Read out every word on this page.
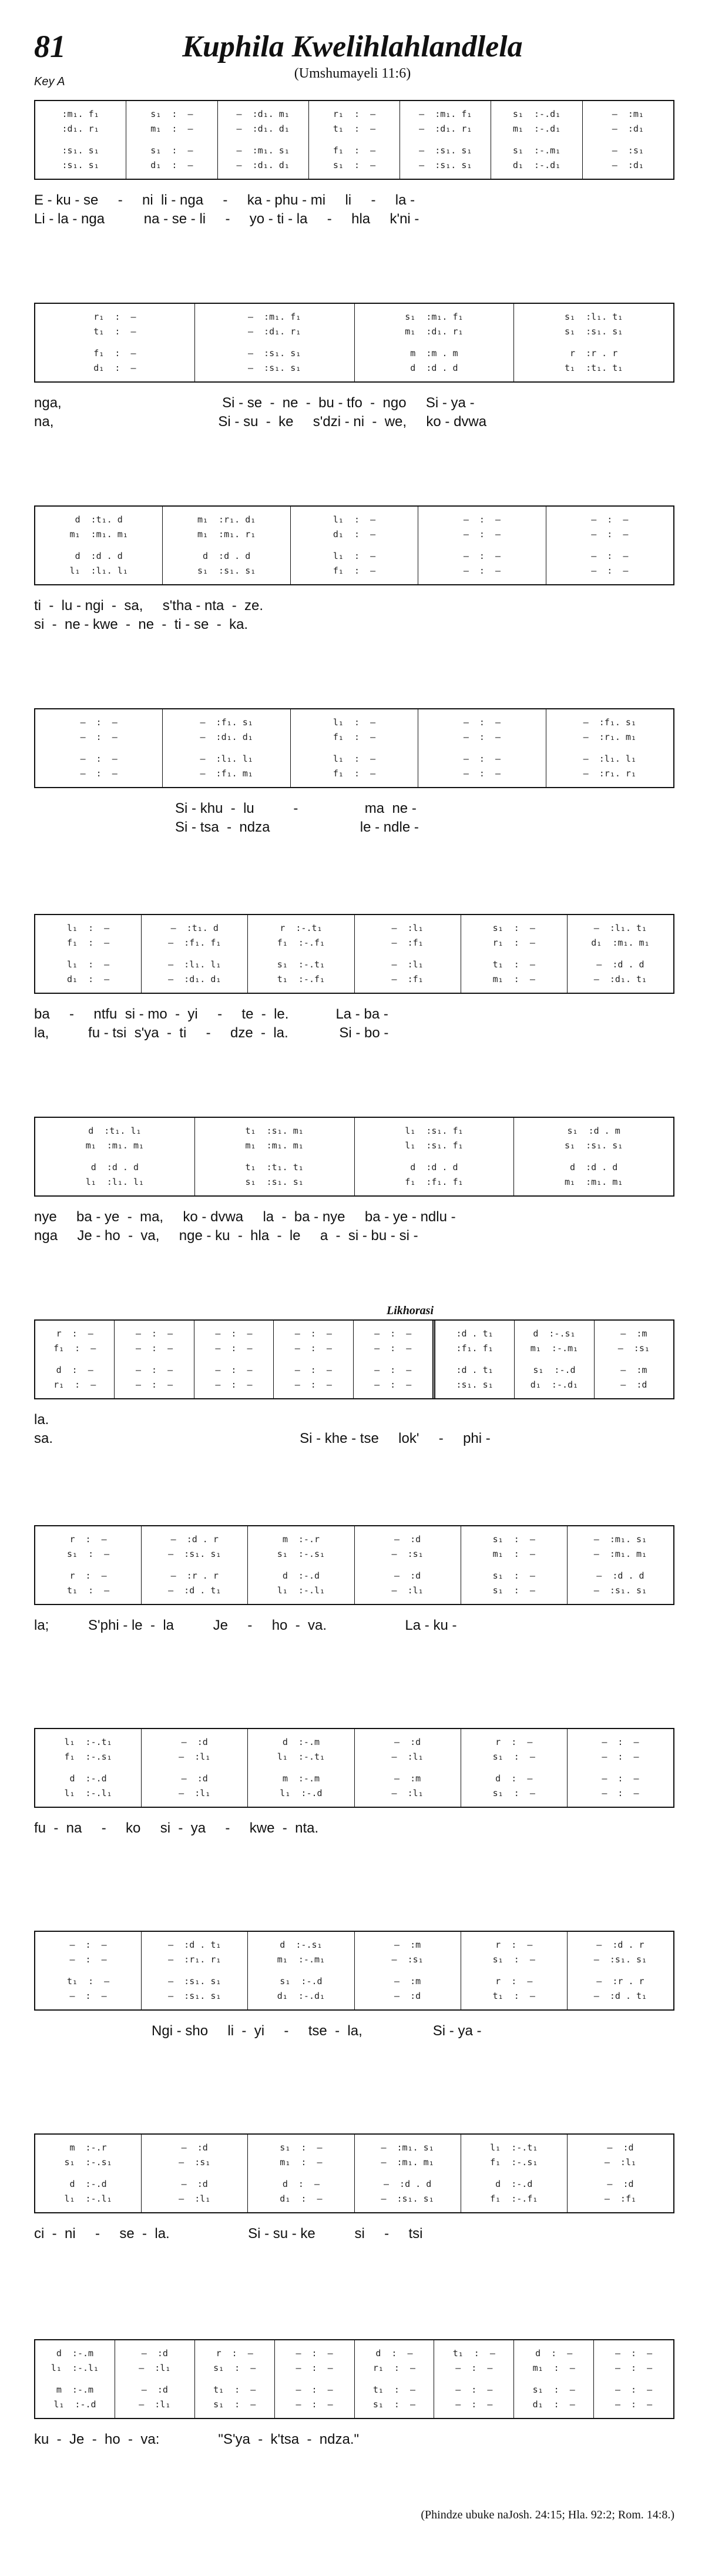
81	Kuphila Kwelihlahlandlela
(Umshumayeli 11:6)
Key A
:m₁. f₁
:d₁. r₁
:s₁. s₁
:s₁. s₁
s₁  :  —
m₁  :  —
s₁  :  —
d₁  :  —
—  :d₁. m₁
—  :d₁. d₁
—  :m₁. s₁
—  :d₁. d₁
r₁  :  —
t₁  :  —
f₁  :  —
s₁  :  —
—  :m₁. f₁
—  :d₁. r₁
—  :s₁. s₁
—  :s₁. s₁
s₁  :-.d₁
m₁  :-.d₁
s₁  :-.m₁
d₁  :-.d₁
—  :m₁
—  :d₁
—  :s₁
—  :d₁
E - ku - se     -     ni  li - nga     -     ka - phu - mi     li     -     la -
Li - la - nga          na - se - li     -     yo - ti - la     -     hla     k'ni -
r₁  :  —
t₁  :  —
f₁  :  —
d₁  :  —
—  :m₁. f₁
—  :d₁. r₁
—  :s₁. s₁
—  :s₁. s₁
s₁  :m₁. f₁
m₁  :d₁. r₁
m  :m . m
d  :d . d
s₁  :l₁. t₁
s₁  :s₁. s₁
r  :r . r
t₁  :t₁. t₁
nga,                                         Si - se  -  ne  -  bu - tfo  -  ngo     Si - ya -
na,                                          Si - su  -  ke     s'dzi - ni  -  we,     ko - dvwa
d  :t₁. d
m₁  :m₁. m₁
d  :d . d
l₁  :l₁. l₁
m₁  :r₁. d₁
m₁  :m₁. r₁
d  :d . d
s₁  :s₁. s₁
l₁  :  —
d₁  :  —
l₁  :  —
f₁  :  —
—  :  —
—  :  —
—  :  —
—  :  —
—  :  —
—  :  —
—  :  —
—  :  —
ti  -  lu - ngi  -  sa,     s'tha - nta  -  ze.
si  -  ne - kwe  -  ne  -  ti - se  -  ka.
—  :  —
—  :  —
—  :  —
—  :  —
—  :f₁. s₁
—  :d₁. d₁
—  :l₁. l₁
—  :f₁. m₁
l₁  :  —
f₁  :  —
l₁  :  —
f₁  :  —
—  :  —
—  :  —
—  :  —
—  :  —
—  :f₁. s₁
—  :r₁. m₁
—  :l₁. l₁
—  :r₁. r₁
Si - khu  -  lu          -                 ma  ne -
Si - tsa  -  ndza                       le - ndle -
l₁  :  —
f₁  :  —
l₁  :  —
d₁  :  —
—  :t₁. d
—  :f₁. f₁
—  :l₁. l₁
—  :d₁. d₁
r  :-.t₁
f₁  :-.f₁
s₁  :-.t₁
t₁  :-.f₁
—  :l₁
—  :f₁
—  :l₁
—  :f₁
s₁  :  —
r₁  :  —
t₁  :  —
m₁  :  —
—  :l₁. t₁
d₁  :m₁. m₁
—  :d . d
—  :d₁. t₁
ba     -     ntfu  si - mo  -  yi     -     te  -  le.            La - ba -
la,          fu - tsi  s'ya  -  ti     -     dze  -  la.             Si - bo -
d  :t₁. l₁
m₁  :m₁. m₁
d  :d . d
l₁  :l₁. l₁
t₁  :s₁. m₁
m₁  :m₁. m₁
t₁  :t₁. t₁
s₁  :s₁. s₁
l₁  :s₁. f₁
l₁  :s₁. f₁
d  :d . d
f₁  :f₁. f₁
s₁  :d . m
s₁  :s₁. s₁
d  :d . d
m₁  :m₁. m₁
nye     ba - ye  -  ma,     ko - dvwa     la  -  ba - nye     ba - ye - ndlu -
nga     Je - ho  -  va,     nge - ku  -  hla  -  le     a  -  si - bu - si -
Likhorasi
r  :  —
f₁  :  —
d  :  —
r₁  :  —
—  :  —
—  :  —
—  :  —
—  :  —
—  :  —
—  :  —
—  :  —
—  :  —
—  :  —
—  :  —
—  :  —
—  :  —
—  :  —
—  :  —
—  :  —
—  :  —
:d . t₁
:f₁. f₁
:d . t₁
:s₁. s₁
d  :-.s₁
m₁  :-.m₁
s₁  :-.d
d₁  :-.d₁
—  :m
—  :s₁
—  :m
—  :d
la.
sa.                                                               Si - khe - tse     lok'     -     phi -
r  :  —
s₁  :  —
r  :  —
t₁  :  —
—  :d . r
—  :s₁. s₁
—  :r . r
—  :d . t₁
m  :-.r
s₁  :-.s₁
d  :-.d
l₁  :-.l₁
—  :d
—  :s₁
—  :d
—  :l₁
s₁  :  —
m₁  :  —
s₁  :  —
s₁  :  —
—  :m₁. s₁
—  :m₁. m₁
—  :d . d
—  :s₁. s₁
la;          S'phi - le  -  la          Je     -     ho  -  va.                    La - ku -
l₁  :-.t₁
f₁  :-.s₁
d  :-.d
l₁  :-.l₁
—  :d
—  :l₁
—  :d
—  :l₁
d  :-.m
l₁  :-.t₁
m  :-.m
l₁  :-.d
—  :d
—  :l₁
—  :m
—  :l₁
r  :  —
s₁  :  —
d  :  —
s₁  :  —
—  :  —
—  :  —
—  :  —
—  :  —
fu  -  na     -     ko     si  -  ya     -     kwe  -  nta.
—  :  —
—  :  —
t₁  :  —
—  :  —
—  :d . t₁
—  :r₁. r₁
—  :s₁. s₁
—  :s₁. s₁
d  :-.s₁
m₁  :-.m₁
s₁  :-.d
d₁  :-.d₁
—  :m
—  :s₁
—  :m
—  :d
r  :  —
s₁  :  —
r  :  —
t₁  :  —
—  :d . r
—  :s₁. s₁
—  :r . r
—  :d . t₁
Ngi - sho     li  -  yi     -     tse  -  la,                  Si - ya -
m  :-.r
s₁  :-.s₁
d  :-.d
l₁  :-.l₁
—  :d
—  :s₁
—  :d
—  :l₁
s₁  :  —
m₁  :  —
d  :  —
d₁  :  —
—  :m₁. s₁
—  :m₁. m₁
—  :d . d
—  :s₁. s₁
l₁  :-.t₁
f₁  :-.s₁
d  :-.d
f₁  :-.f₁
—  :d
—  :l₁
—  :d
—  :f₁
ci  -  ni     -     se  -  la.                    Si - su - ke          si     -     tsi
d  :-.m
l₁  :-.l₁
m  :-.m
l₁  :-.d
—  :d
—  :l₁
—  :d
—  :l₁
r  :  —
s₁  :  —
t₁  :  —
s₁  :  —
—  :  —
—  :  —
—  :  —
—  :  —
d  :  —
r₁  :  —
t₁  :  —
s₁  :  —
t₁  :  —
—  :  —
—  :  —
—  :  —
d  :  —
m₁  :  —
s₁  :  —
d₁  :  —
—  :  —
—  :  —
—  :  —
—  :  —
ku  -  Je  -  ho  -  va:               "S'ya  -  k'tsa  -  ndza."
(Phindze ubuke naJosh. 24:15; Hla. 92:2; Rom. 14:8.)
